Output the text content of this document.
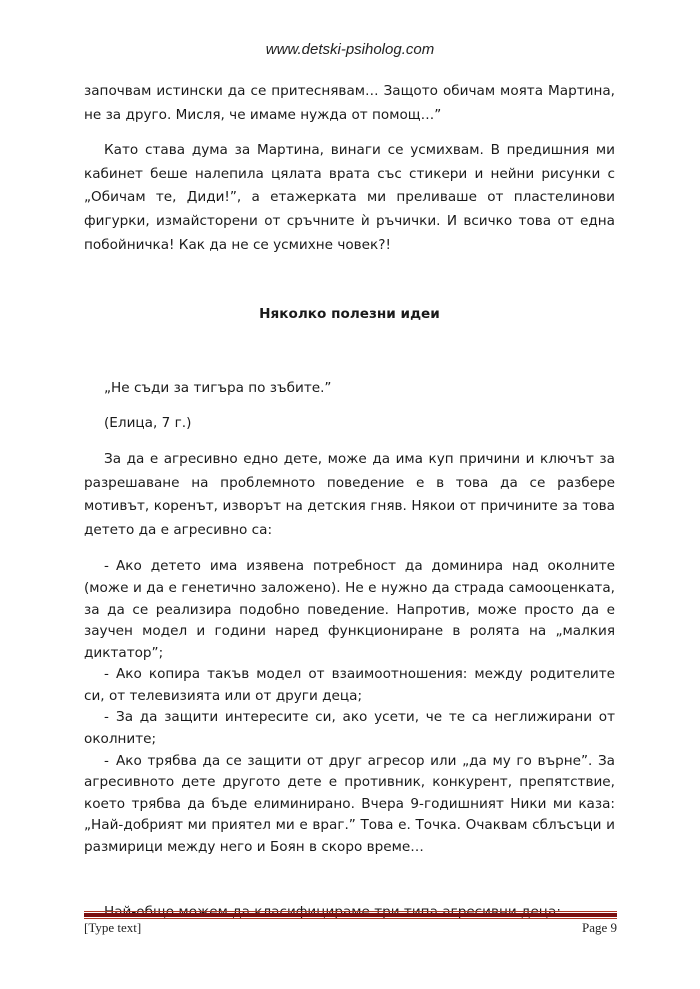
www.detski-psiholog.com

започвам истински да се притеснявам… Защото обичам моята Мартина, не за друго. Мисля, че имаме нужда от помощ…”

Като става дума за Мартина, винаги се усмихвам. В предишния ми кабинет беше налепила цялата врата със стикери и нейни рисунки с „Обичам те, Диди!”, а етажерката ми преливаше от пластелинови фигурки, измайсторени от сръчните ѝ ръчички. И всичко това от една побойничка! Как да не се усмихне човек?!

Няколко полезни идеи

„Не съди за тигъра по зъбите.”

(Елица, 7 г.)

За да е агресивно едно дете, може да има куп причини и ключът за разрешаване на проблемното поведение е в това да се разбере мотивът, коренът, изворът на детския гняв. Някои от причините за това детето да е агресивно са:

- Ако детето има изявена потребност да доминира над околните (може и да е генетично заложено). Не е нужно да страда самооценката, за да се реализира подобно поведение. Напротив, може просто да е заучен модел и години наред функциониране в ролята на „малкия диктатор”;

- Ако копира такъв модел от взаимоотношения: между родителите си, от телевизията или от други деца;

- За да защити интересите си, ако усети, че те са неглижирани от околните;

- Ако трябва да се защити от друг агресор или „да му го върне”. За агресивното дете другото дете е противник, конкурент, препятствие, което трябва да бъде елиминирано. Вчера 9-годишният Ники ми каза: „Най-добрият ми приятел ми е враг.” Това е. Точка. Очаквам сблъсъци и размирици между него и Боян в скоро време…

[Type text]	Page 9
